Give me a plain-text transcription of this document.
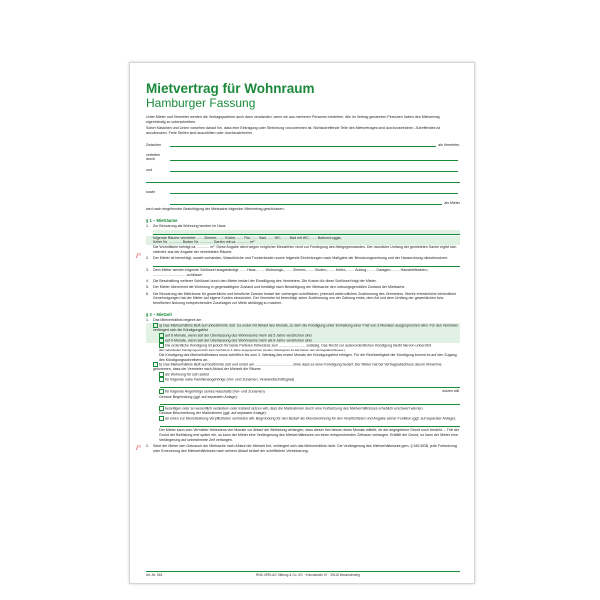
i°
i°
Mietvertrag für Wohnraum
Hamburger Fassung
Unter Mieter und Vermieter werden die Vertragsparteien auch dann verstanden, wenn sie aus mehreren Personen bestehen. Alle im Vertrag genannten Personen haben den Mietvertrag eigenhändig zu unterschreiben.
Sofort Kästchen und Linien vorsehen darauf hin, dass eine Eintragung oder Streichung vorzunehmen ist. Nichtzutreffende Teile des Mietvertrages sind durchzustreichen. Zutreffendes ist anzukreuzen. Freie Stellen sind auszufüllen oder durchzustreichen.
Zwischen	als Vermieter,
vertreten durch
und
sowie
als Mieter
wird nach eingehender Besichtigung der Mietsache folgender Mietvertrag geschlossen:
§ 1 – Mieträume
1.	Zur Benutzung als Wohnung werden im Haus
folgende Räume vermietet: ...... Zimmer, ...... Küche, ...... Flur, ...... Bad, ...... WC, ...... Bad mit WC, ...... Balkon/Loggia,
Keller Nr. ............. Boden Nr. ............. Garten mit ca. ............ m²
Die Wohnfläche beträgt ca. ............ m². Diese Angabe dient wegen möglicher Messfehler nicht zur Festlegung des Mietgegenstandes. Der räumliche Umfang der gemieteten Sache ergibt sich vielmehr aus der Angabe der vermieteten Räume.
2.	Der Mieter ist berechtigt, soweit vorhanden, Waschküche und Trockenboden sowie folgende Einrichtungen nach Maßgabe der Benutzungsordnung und der Hausordnung mitzubenutzen:
3.	Dem Mieter werden folgende Schlüssel ausgehändigt: ...... Haus-, ...... Wohnungs-, ...... Zimmer-, ...... Boden-, ...... Keller-, ...... Aufzug-, ...... Garagen-, ...... Hausbriefkasten-, ................................ -schlüssel
4.	Die Beschaffung weiterer Schlüssel durch den Mieter bedarf der Einwilligung des Vermieters. Die Kosten für diese Schlüssel trägt der Mieter.
5.	Der Mieter übernimmt die Wohnung in gegenwärtigem Zustand und bestätigt nach Besichtigung der Mietsache den ordnungsgemäßen Zustand der Mietsache.
6.	Die Benutzung der Mieträume für gewerbliche und berufliche Zwecke bedarf der vorherigen schriftlichen, jederzeit widerruflichen Zustimmung des Vermieters. Hierfür erforderliche behördliche Genehmigungen hat der Mieter auf eigene Kosten einzuholen. Der Vermieter ist berechtigt, seine Zustimmung von der Zahlung eines, dem Art und dem Umfang der gewerblichen bzw. beruflichen Nutzung entsprechenden Zuschlages zur Miete abhängig zu machen.
§ 2 – Mietzeit
1.	Das Mietverhältnis beginnt am
a) Das Mietverhältnis läuft auf unbestimmte Zeit. Es endet mit Ablauf des Monats, zu dem die Kündigung unter Einhaltung einer Frist von 3 Monaten ausgesprochen wird. Für den Vermieter verlängert sich die Kündigungsfrist
auf 6 Monate, wenn seit der Überlassung des Wohnraums mehr als 5 Jahre verstrichen sind
auf 9 Monate, wenn seit der Überlassung des Wohnraums mehr als 8 Jahre verstrichen sind.
Die ordentliche Kündigung ist jedoch für beide Parteien frühestens zum .......................... zulässig. Das Recht zur außerordentlichen Kündigung bleibt hiervon unberührt.
(Ein individueller Kündigungsverzicht kann höchstens 4 Jahre ausgesprochen werden, Mietbeginnt ist das Datum des Vertragsabschlusses.)
Die Kündigung des Mietverhältnisses muss schriftlich bis zum 3. Werktag des ersten Monats der Kündigungsfrist erfolgen. Für die Rechtzeitigkeit der Kündigung kommt es auf den Zugang des Kündigungsschreibens an.
b) Das Mietverhältnis läuft auf bestimmte Zeit und endet am ..................................... ohne dass es einer Kündigung bedarf. Der Mieter hat bei Vertragsabschluss darum hinnehme gekommen, dass der Vermieter nach Ablauf der Mietzeit die Räume
als Wohnung für sich selbst
für folgende nahe Familienangehörige (Vor- und Zunamen, Verwandtschaftsgrad)
für folgende Angehörige seines Haushalts (Vor- und Zunamen)	nutzen will.
Genaue Begründung (ggf. auf separaten Anlage):
beseitigen oder so wesentlich verändern oder instand setzen will, dass die Maßnahmen durch eine Fortsetzung des Mietverhältnisses erheblich erschwert würden.
Genaue Beschreibung der Maßnahmen (ggf. auf separater Anlage):
an einen zur Dienstleistung Verpflichteten vermieten will. Begründung für den Bedarf als Dienstwohnung für den Verpflichteten und Angabe seiner Funktion (ggf. auf separater Anlage):
Der Mieter kann vom Vermieter frühestens vier Monate vor Ablauf der Befristung verlangen, dass dieser ihm binnen eines Monats mitteilt, ob der angegebene Grund noch besteht. – Tritt der Grund der Befristung erst später ein, so kann der Mieter eine Verlängerung des Mietverhältnisses um einen entsprechenden Zeitraum verlangen. Entfällt der Grund, so kann der Mieter eine Verlängerung auf unbestimmte Zeit verlangen.
2.	Setzt der Mieter den Gebrauch der Mietsache nach Ablauf der Mietzeit fort, verlängert sich das Mietverhältnis nicht. Die Verlängerung des Mietverhältnisses gem. § 545 BGB, jede Fortsetzung oder Erneuerung des Mietverhältnisses nach seinem Ablauf bedarf der schriftlichen Vereinbarung.
Art.-Nr. 518	RNK-VERLAG Stiftung & Co. KG · Kreuzstraße 67 · 39118 Braunschweig
